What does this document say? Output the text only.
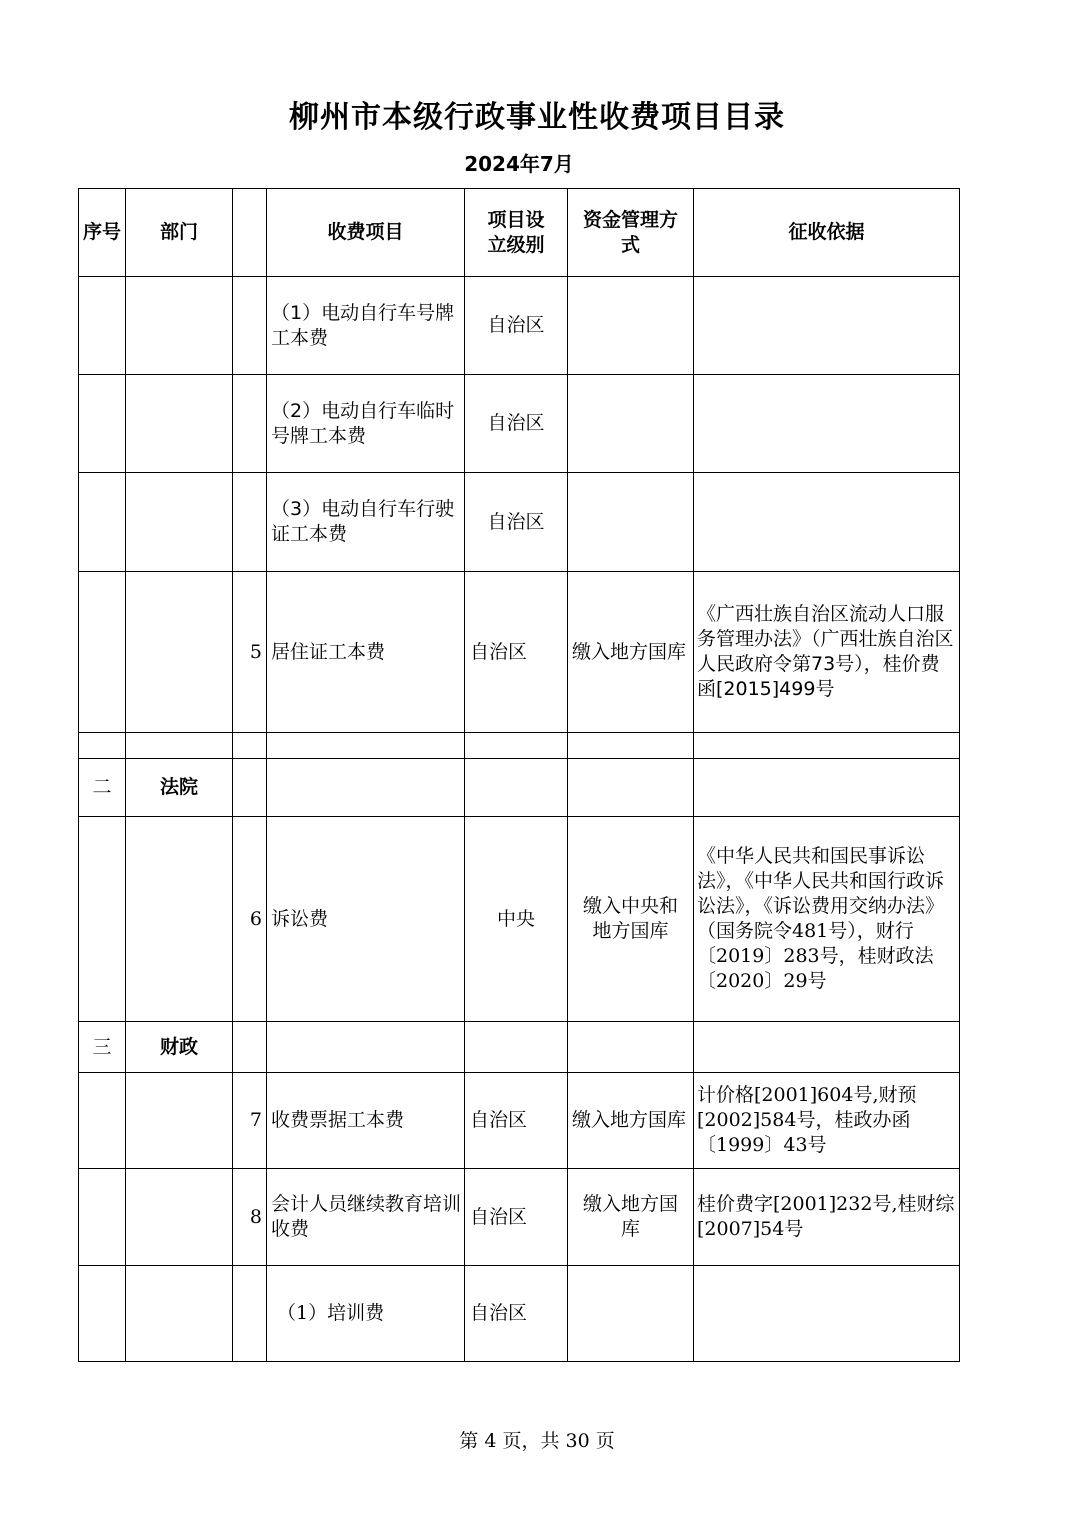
柳州市本级行政事业性收费项目目录
2024年7月
序号	部门		收费项目	项目设立级别	资金管理方式	征收依据
			（1）电动自行车号牌工本费	自治区		
			（2）电动自行车临时号牌工本费	自治区		
			（3）电动自行车行驶证工本费	自治区		
		5	居住证工本费	自治区	缴入地方国库	《广西壮族自治区流动人口服务管理办法》（广西壮族自治区人民政府令第73号），桂价费函[2015]499号

二	法院					
		6	诉讼费	中央	缴入中央和地方国库	《中华人民共和国民事诉讼法》，《中华人民共和国行政诉讼法》，《诉讼费用交纳办法》（国务院令481号），财行〔2019〕283号，桂财政法〔2020〕29号
三	财政					
		7	收费票据工本费	自治区	缴入地方国库	计价格[2001]604号,财预[2002]584号，桂政办函〔1999〕43号
		8	会计人员继续教育培训收费	自治区	缴入地方国库	桂价费字[2001]232号,桂财综[2007]54号
			（1）培训费	自治区		
第 4 页，共 30 页
